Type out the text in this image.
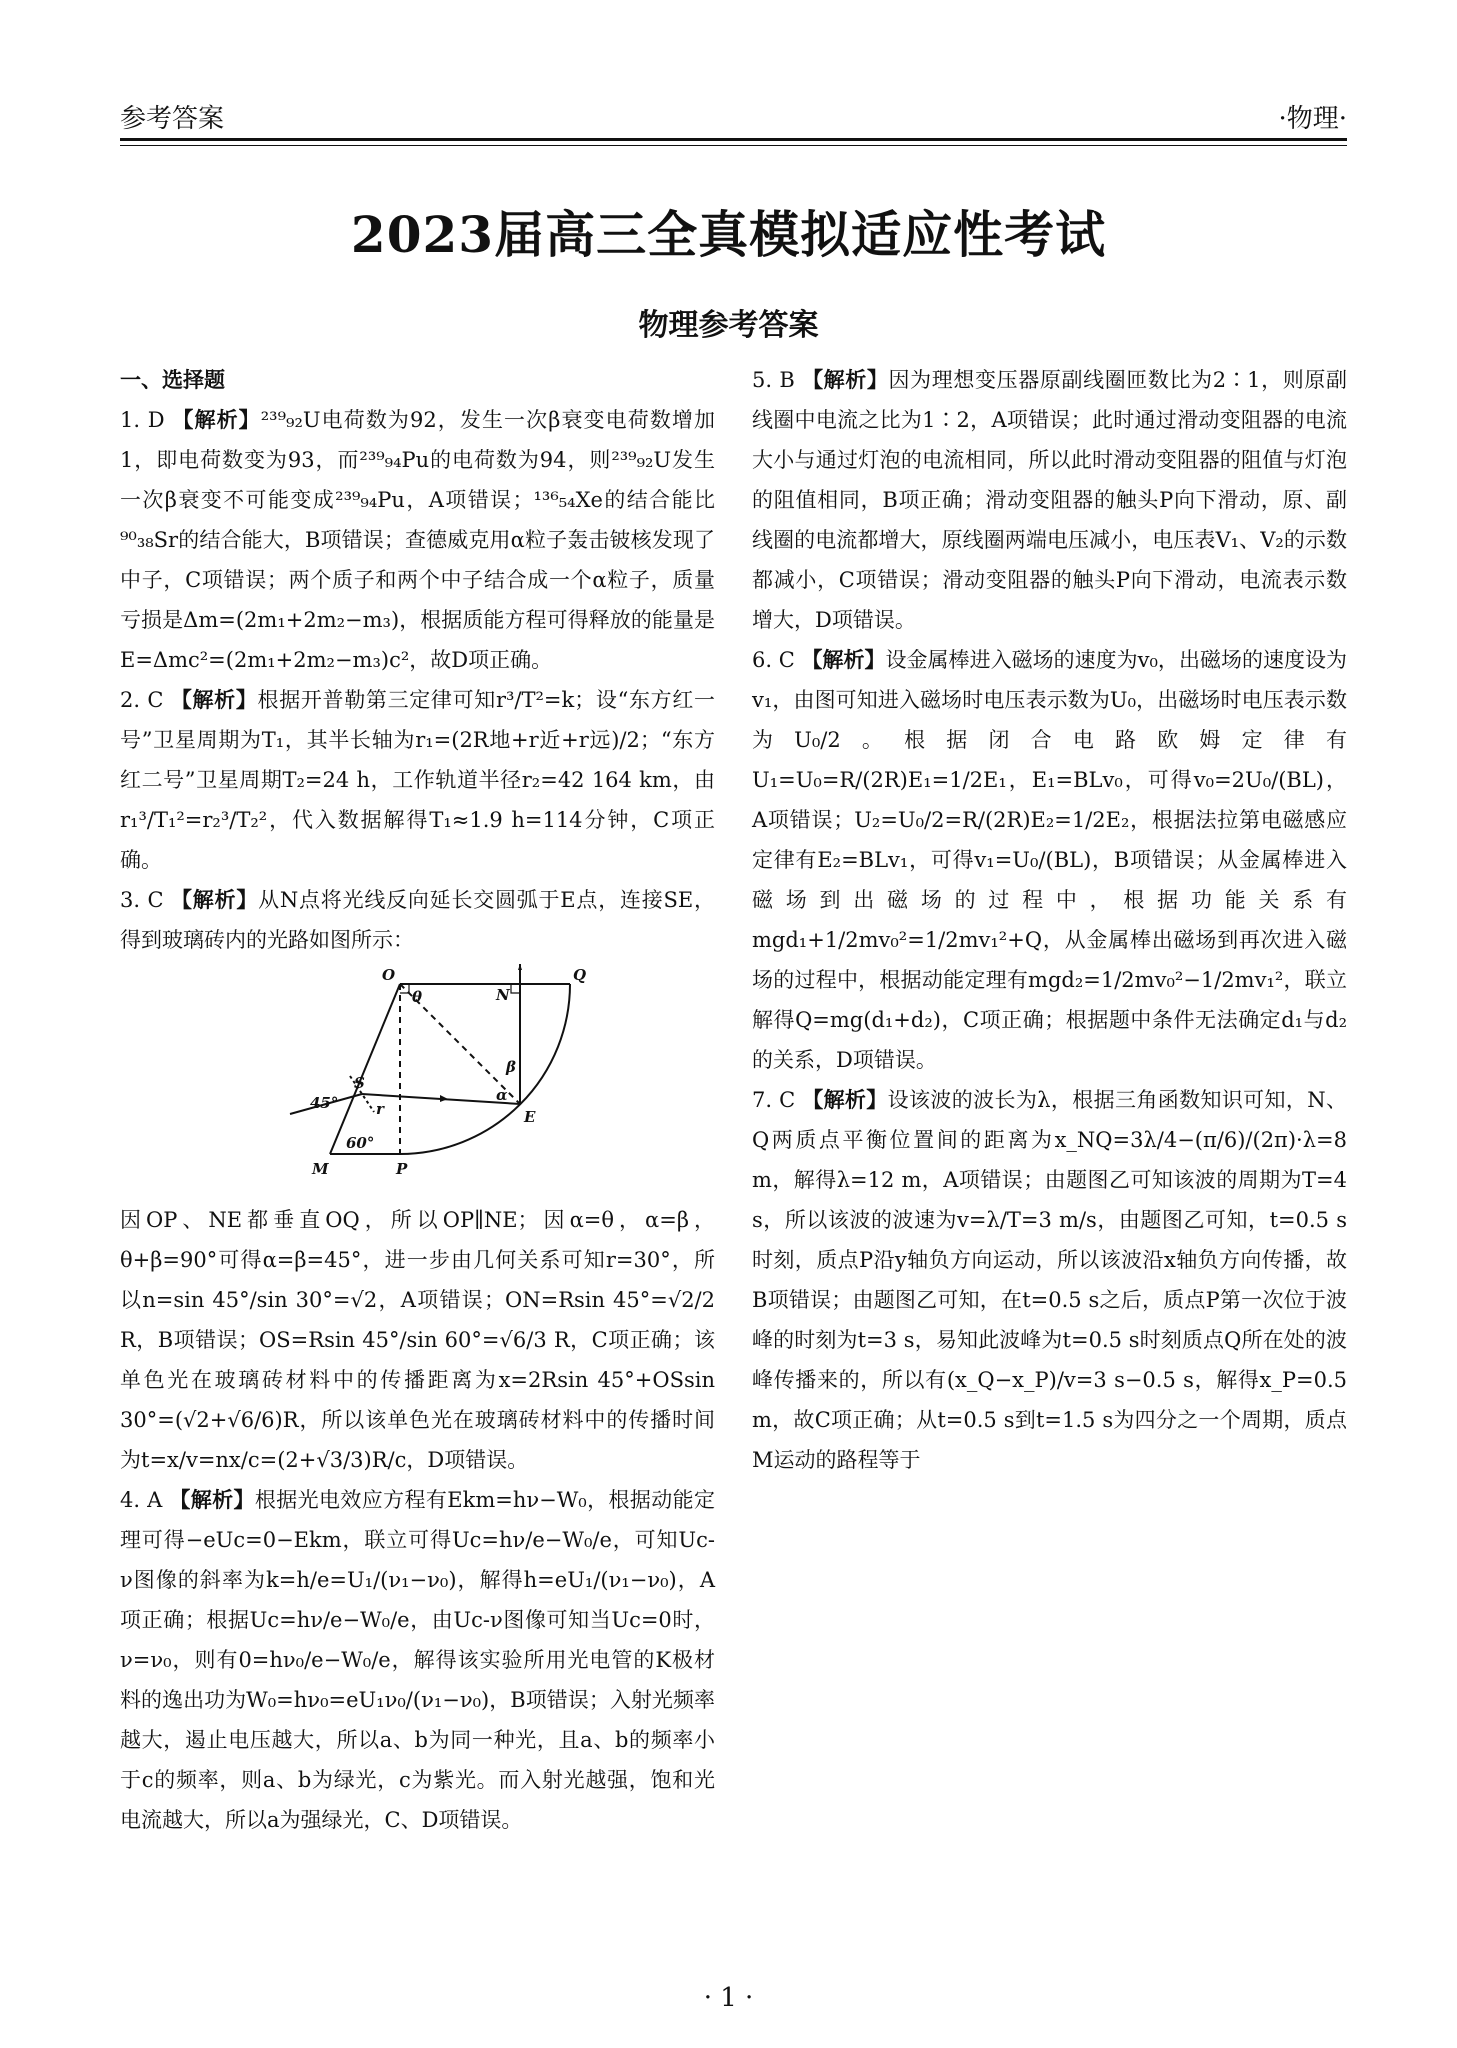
参考答案	·物理·
2023届高三全真模拟适应性考试
物理参考答案

一、选择题

1. D 【解析】²³⁹₉₂U电荷数为92，发生一次β衰变电荷数增加1，即电荷数变为93，而²³⁹₉₄Pu的电荷数为94，则²³⁹₉₂U发生一次β衰变不可能变成²³⁹₉₄Pu，A项错误；¹³⁶₅₄Xe的结合能比⁹⁰₃₈Sr的结合能大，B项错误；查德威克用α粒子轰击铍核发现了中子，C项错误；两个质子和两个中子结合成一个α粒子，质量亏损是Δm=(2m₁+2m₂−m₃)，根据质能方程可得释放的能量是E=Δmc²=(2m₁+2m₂−m₃)c²，故D项正确。

2. C 【解析】根据开普勒第三定律可知r³/T²=k；设“东方红一号”卫星周期为T₁，其半长轴为r₁=(2R地+r近+r远)/2；“东方红二号”卫星周期T₂=24 h，工作轨道半径r₂=42 164 km，由r₁³/T₁²=r₂³/T₂²，代入数据解得T₁≈1.9 h=114分钟，C项正确。

3. C 【解析】从N点将光线反向延长交圆弧于E点，连接SE，得到玻璃砖内的光路如图所示：

O	Q
θ	N
β
α
45°
S
r	E
60°
M	P

因OP、NE都垂直OQ，所以OP∥NE；因α=θ，α=β，θ+β=90°可得α=β=45°，进一步由几何关系可知r=30°，所以n=sin 45°/sin 30°=√2，A项错误；ON=Rsin 45°=√2/2 R，B项错误；OS=Rsin 45°/sin 60°=√6/3 R，C项正确；该单色光在玻璃砖材料中的传播距离为x=2Rsin 45°+OSsin 30°=(√2+√6/6)R，所以该单色光在玻璃砖材料中的传播时间为t=x/v=nx/c=(2+√3/3)R/c，D项错误。

4. A 【解析】根据光电效应方程有Ekm=hν−W₀，根据动能定理可得−eUc=0−Ekm，联立可得Uc=hν/e−W₀/e，可知Uc-ν图像的斜率为k=h/e=U₁/(ν₁−ν₀)，解得h=eU₁/(ν₁−ν₀)，A项正确；根据Uc=hν/e−W₀/e，由Uc-ν图像可知当Uc=0时，ν=ν₀，则有0=hν₀/e−W₀/e，解得该实验所用光电管的K极材料的逸出功为W₀=hν₀=eU₁ν₀/(ν₁−ν₀)，B项错误；入射光频率越大，遏止电压越大，所以a、b为同一种光，且a、b的频率小于c的频率，则a、b为绿光，c为紫光。而入射光越强，饱和光电流越大，所以a为强绿光，C、D项错误。

5. B 【解析】因为理想变压器原副线圈匝数比为2∶1，则原副线圈中电流之比为1∶2，A项错误；此时通过滑动变阻器的电流大小与通过灯泡的电流相同，所以此时滑动变阻器的阻值与灯泡的阻值相同，B项正确；滑动变阻器的触头P向下滑动，原、副线圈的电流都增大，原线圈两端电压减小，电压表V₁、V₂的示数都减小，C项错误；滑动变阻器的触头P向下滑动，电流表示数增大，D项错误。

6. C 【解析】设金属棒进入磁场的速度为v₀，出磁场的速度设为v₁，由图可知进入磁场时电压表示数为U₀，出磁场时电压表示数为U₀/2。根据闭合电路欧姆定律有U₁=U₀=R/(2R)E₁=1/2E₁，E₁=BLv₀，可得v₀=2U₀/(BL)，A项错误；U₂=U₀/2=R/(2R)E₂=1/2E₂，根据法拉第电磁感应定律有E₂=BLv₁，可得v₁=U₀/(BL)，B项错误；从金属棒进入磁场到出磁场的过程中，根据功能关系有mgd₁+1/2mv₀²=1/2mv₁²+Q，从金属棒出磁场到再次进入磁场的过程中，根据动能定理有mgd₂=1/2mv₀²−1/2mv₁²，联立解得Q=mg(d₁+d₂)，C项正确；根据题中条件无法确定d₁与d₂的关系，D项错误。

7. C 【解析】设该波的波长为λ，根据三角函数知识可知，N、Q两质点平衡位置间的距离为x_NQ=3λ/4−(π/6)/(2π)·λ=8 m，解得λ=12 m，A项错误；由题图乙可知该波的周期为T=4 s，所以该波的波速为v=λ/T=3 m/s，由题图乙可知，t=0.5 s时刻，质点P沿y轴负方向运动，所以该波沿x轴负方向传播，故B项错误；由题图乙可知，在t=0.5 s之后，质点P第一次位于波峰的时刻为t=3 s，易知此波峰为t=0.5 s时刻质点Q所在处的波峰传播来的，所以有(x_Q−x_P)/v=3 s−0.5 s，解得x_P=0.5 m，故C项正确；从t=0.5 s到t=1.5 s为四分之一个周期，质点M运动的路程等于

· 1 ·
